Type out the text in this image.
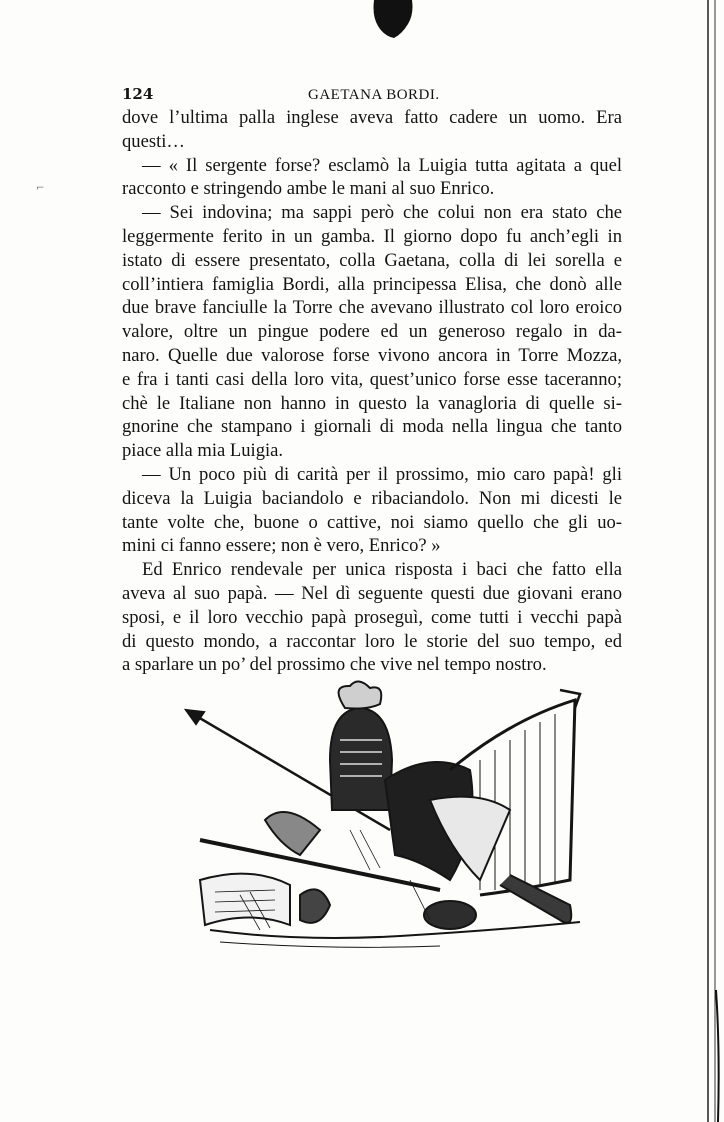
⌐
124	GAETANA BORDI.
dove l’ultima palla inglese aveva fatto cadere un uomo. Era
questi…
— « Il sergente forse? esclamò la Luigia tutta agitata a quel
racconto e stringendo ambe le mani al suo Enrico.
— Sei indovina; ma sappi però che colui non era stato che
leggermente ferito in un gamba. Il giorno dopo fu anch’egli in
istato di essere presentato, colla Gaetana, colla di lei sorella e
coll’intiera famiglia Bordi, alla principessa Elisa, che donò alle
due brave fanciulle la Torre che avevano illustrato col loro eroico
valore, oltre un pingue podere ed un generoso regalo in da-
naro. Quelle due valorose forse vivono ancora in Torre Mozza,
e fra i tanti casi della loro vita, quest’unico forse esse taceranno;
chè le Italiane non hanno in questo la vanagloria di quelle si-
gnorine che stampano i giornali di moda nella lingua che tanto
piace alla mia Luigia.
— Un poco più di carità per il prossimo, mio caro papà! gli
diceva la Luigia baciandolo e ribaciandolo. Non mi dicesti le
tante volte che, buone o cattive, noi siamo quello che gli uo-
mini ci fanno essere; non è vero, Enrico? »
Ed Enrico rendevale per unica risposta i baci che fatto ella
aveva al suo papà. — Nel dì seguente questi due giovani erano
sposi, e il loro vecchio papà proseguì, come tutti i vecchi papà
di questo mondo, a raccontar loro le storie del suo tempo, ed
a sparlare un po’ del prossimo che vive nel tempo nostro.
